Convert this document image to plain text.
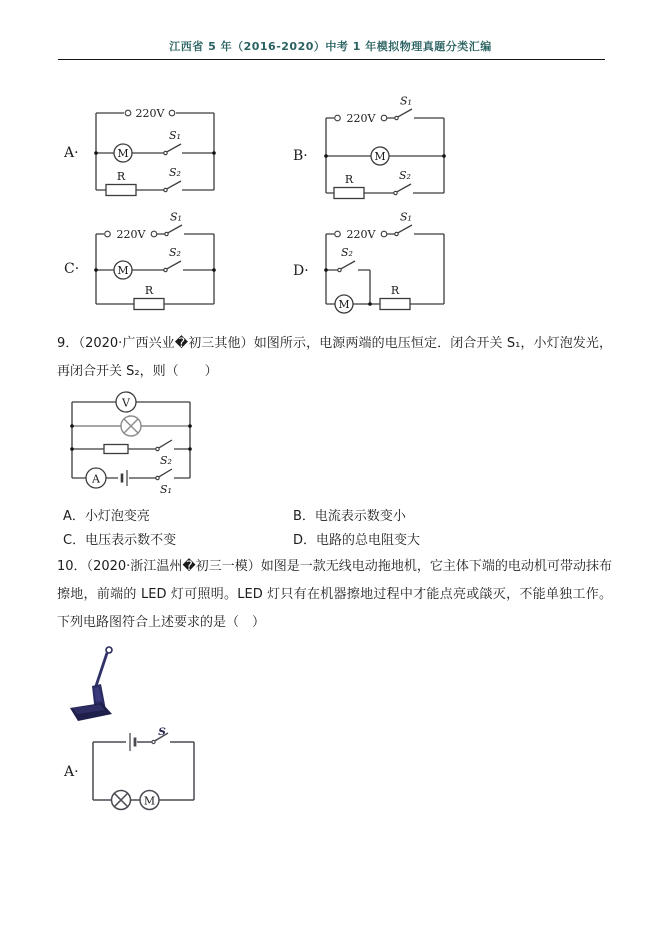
江西省 5 年（2016-2020）中考 1 年模拟物理真题分类汇编
A·
220V
M
S₁
R	S₂
B·
220V
S₁
M
R	S₂
C·
220V
S₁
M
S₂
R
D·
220V
S₁
S₂
M
R
9．（2020·广西兴业�初三其他）如图所示，电源两端的电压恒定．闭合开关 S₁，小灯泡发光，再闭合开关 S₂，则（　　）
V
S₂
A
S₁
A．小灯泡变亮	B．电流表示数变小
C．电压表示数不变	D．电路的总电阻变大
10．（2020·浙江温州�初三一模）如图是一款无线电动拖地机，它主体下端的电动机可带动抹布擦地，前端的 LED 灯可照明。LED 灯只有在机器擦地过程中才能点亮或燄灭，不能单独工作。下列电路图符合上述要求的是（　）
A·
S
M
